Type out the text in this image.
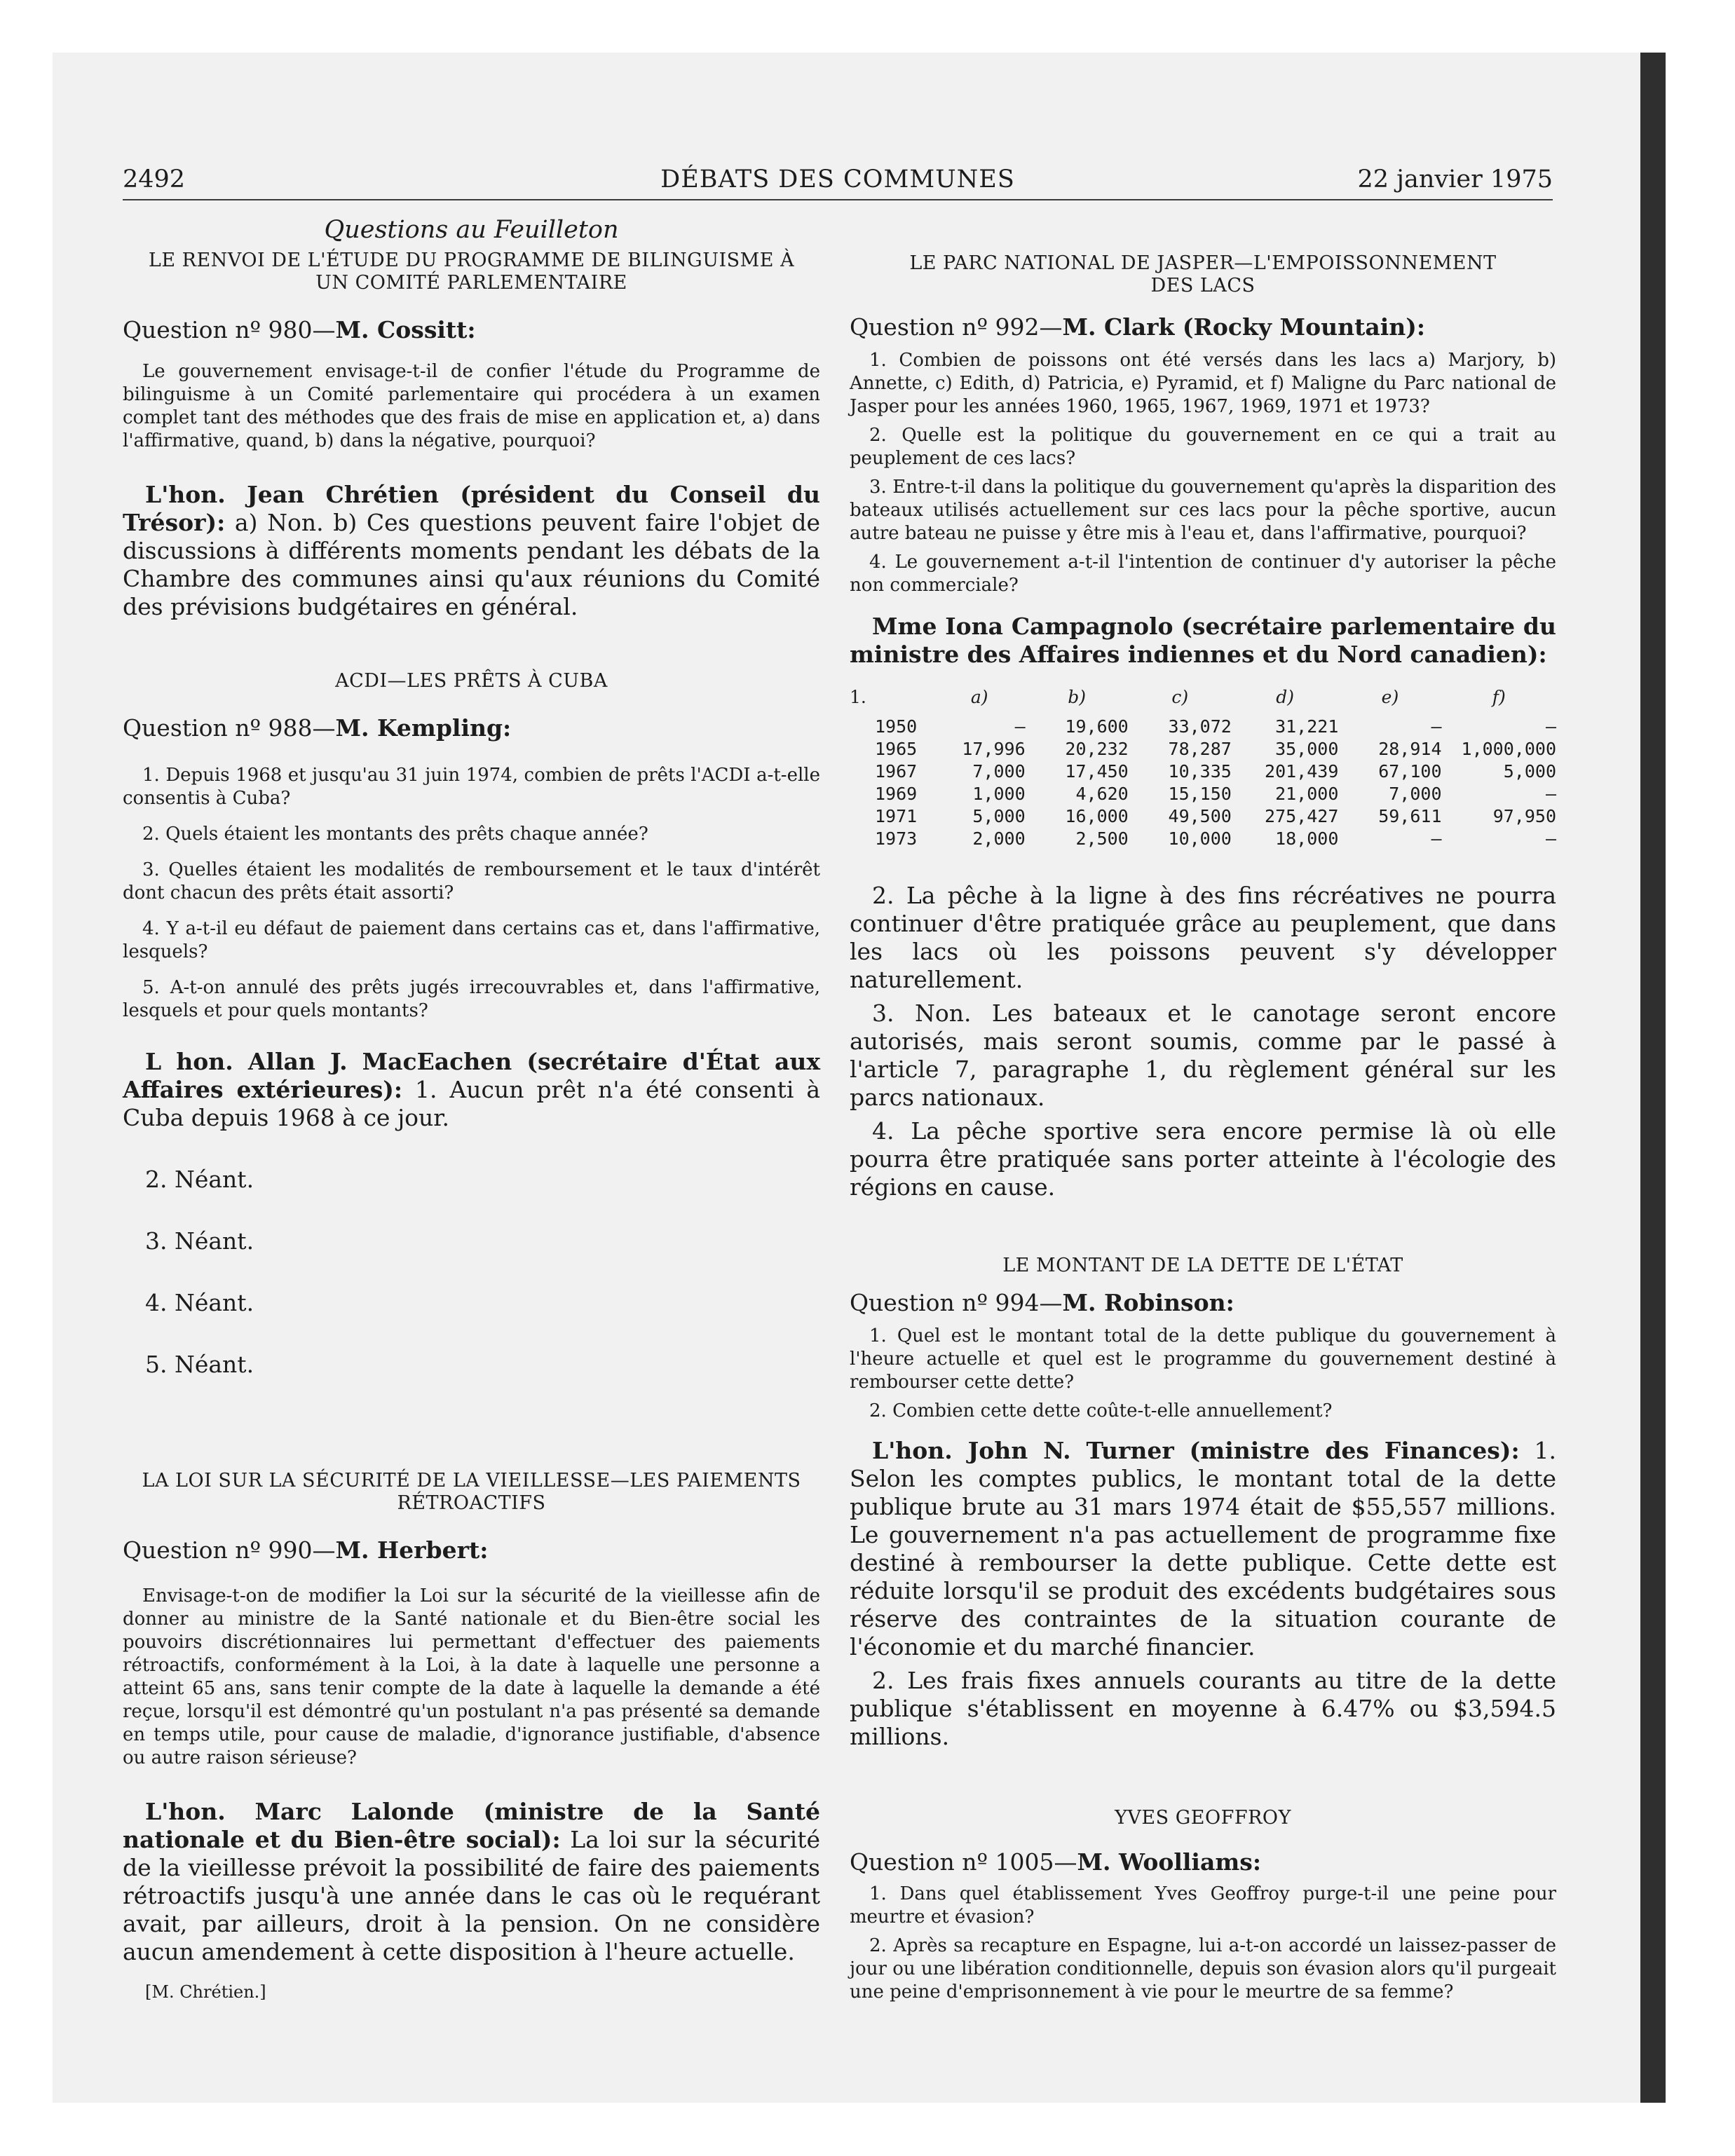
2492	DÉBATS DES COMMUNES	22 janvier 1975

Questions au Feuilleton

LE RENVOI DE L'ÉTUDE DU PROGRAMME DE BILINGUISME À UN COMITÉ PARLEMENTAIRE

Question nº 980—M. Cossitt:

Le gouvernement envisage-t-il de confier l'étude du Programme de bilinguisme à un Comité parlementaire qui procédera à un examen complet tant des méthodes que des frais de mise en application et, a) dans l'affirmative, quand, b) dans la négative, pourquoi?

L'hon. Jean Chrétien (président du Conseil du Trésor): a) Non. b) Ces questions peuvent faire l'objet de discussions à différents moments pendant les débats de la Chambre des communes ainsi qu'aux réunions du Comité des prévisions budgétaires en général.

ACDI—LES PRÊTS À CUBA

Question nº 988—M. Kempling:

1. Depuis 1968 et jusqu'au 31 juin 1974, combien de prêts l'ACDI a-t-elle consentis à Cuba?

2. Quels étaient les montants des prêts chaque année?

3. Quelles étaient les modalités de remboursement et le taux d'intérêt dont chacun des prêts était assorti?

4. Y a-t-il eu défaut de paiement dans certains cas et, dans l'affirmative, lesquels?

5. A-t-on annulé des prêts jugés irrecouvrables et, dans l'affirmative, lesquels et pour quels montants?

L hon. Allan J. MacEachen (secrétaire d'État aux Affaires extérieures): 1. Aucun prêt n'a été consenti à Cuba depuis 1968 à ce jour.

2. Néant.

3. Néant.

4. Néant.

5. Néant.

LA LOI SUR LA SÉCURITÉ DE LA VIEILLESSE—LES PAIEMENTS RÉTROACTIFS

Question nº 990—M. Herbert:

Envisage-t-on de modifier la Loi sur la sécurité de la vieillesse afin de donner au ministre de la Santé nationale et du Bien-être social les pouvoirs discrétionnaires lui permettant d'effectuer des paiements rétroactifs, conformément à la Loi, à la date à laquelle une personne a atteint 65 ans, sans tenir compte de la date à laquelle la demande a été reçue, lorsqu'il est démontré qu'un postulant n'a pas présenté sa demande en temps utile, pour cause de maladie, d'ignorance justifiable, d'absence ou autre raison sérieuse?

L'hon. Marc Lalonde (ministre de la Santé nationale et du Bien-être social): La loi sur la sécurité de la vieillesse prévoit la possibilité de faire des paiements rétroactifs jusqu'à une année dans le cas où le requérant avait, par ailleurs, droit à la pension. On ne considère aucun amendement à cette disposition à l'heure actuelle.

[M. Chrétien.]

LE PARC NATIONAL DE JASPER—L'EMPOISSONNEMENT DES LACS

Question nº 992—M. Clark (Rocky Mountain):

1. Combien de poissons ont été versés dans les lacs a) Marjory, b) Annette, c) Edith, d) Patricia, e) Pyramid, et f) Maligne du Parc national de Jasper pour les années 1960, 1965, 1967, 1969, 1971 et 1973?

2. Quelle est la politique du gouvernement en ce qui a trait au peuplement de ces lacs?

3. Entre-t-il dans la politique du gouvernement qu'après la disparition des bateaux utilisés actuellement sur ces lacs pour la pêche sportive, aucun autre bateau ne puisse y être mis à l'eau et, dans l'affirmative, pourquoi?

4. Le gouvernement a-t-il l'intention de continuer d'y autoriser la pêche non commerciale?

Mme Iona Campagnolo (secrétaire parlementaire du ministre des Affaires indiennes et du Nord canadien):

1.	a)	b)	c)	d)	e)	f)
1950	—	19,600	33,072	31,221	—	—
1965	17,996	20,232	78,287	35,000	28,914	1,000,000
1967	7,000	17,450	10,335	201,439	67,100	5,000
1969	1,000	4,620	15,150	21,000	7,000	—
1971	5,000	16,000	49,500	275,427	59,611	97,950
1973	2,000	2,500	10,000	18,000	—	—

2. La pêche à la ligne à des fins récréatives ne pourra continuer d'être pratiquée grâce au peuplement, que dans les lacs où les poissons peuvent s'y développer naturellement.

3. Non. Les bateaux et le canotage seront encore autorisés, mais seront soumis, comme par le passé à l'article 7, paragraphe 1, du règlement général sur les parcs nationaux.

4. La pêche sportive sera encore permise là où elle pourra être pratiquée sans porter atteinte à l'écologie des régions en cause.

LE MONTANT DE LA DETTE DE L'ÉTAT

Question nº 994—M. Robinson:

1. Quel est le montant total de la dette publique du gouvernement à l'heure actuelle et quel est le programme du gouvernement destiné à rembourser cette dette?

2. Combien cette dette coûte-t-elle annuellement?

L'hon. John N. Turner (ministre des Finances): 1. Selon les comptes publics, le montant total de la dette publique brute au 31 mars 1974 était de $55,557 millions. Le gouvernement n'a pas actuellement de programme fixe destiné à rembourser la dette publique. Cette dette est réduite lorsqu'il se produit des excédents budgétaires sous réserve des contraintes de la situation courante de l'économie et du marché financier.

2. Les frais fixes annuels courants au titre de la dette publique s'établissent en moyenne à 6.47% ou $3,594.5 millions.

YVES GEOFFROY

Question nº 1005—M. Woolliams:

1. Dans quel établissement Yves Geoffroy purge-t-il une peine pour meurtre et évasion?

2. Après sa recapture en Espagne, lui a-t-on accordé un laissez-passer de jour ou une libération conditionnelle, depuis son évasion alors qu'il purgeait une peine d'emprisonnement à vie pour le meurtre de sa femme?
